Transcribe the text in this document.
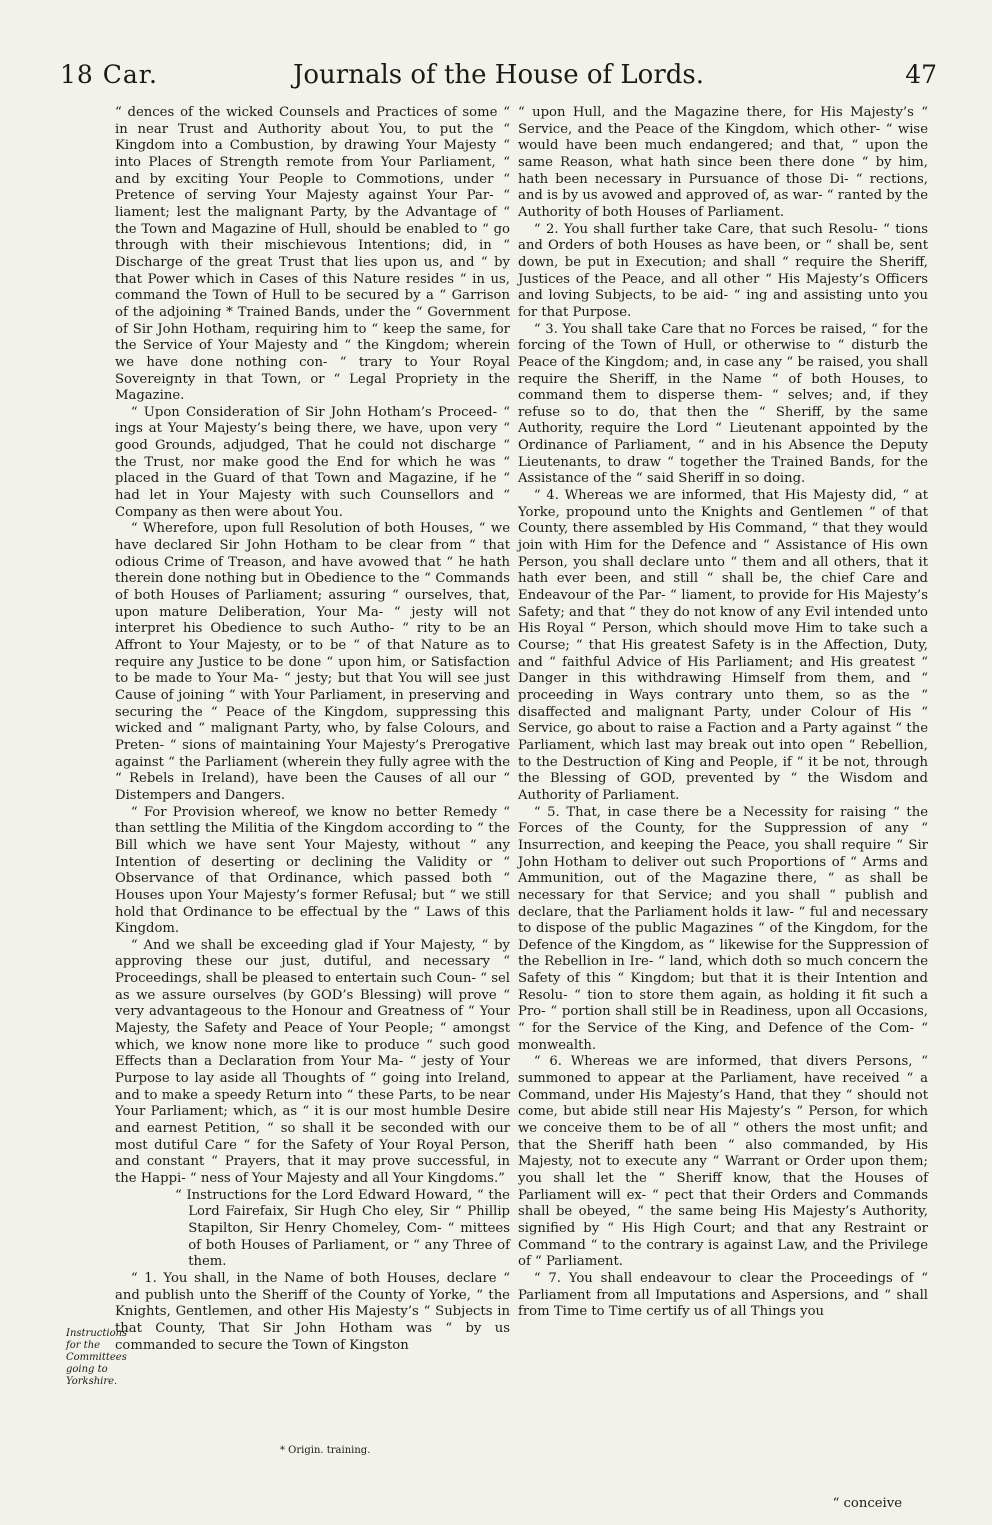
18 Car.	Journals of the House of Lords.	47

“ dences of the wicked Counsels and Practices of some “ in near Trust and Authority about You, to put the “ Kingdom into a Combustion, by drawing Your Majesty “ into Places of Strength remote from Your Parliament, “ and by exciting Your People to Commotions, under “ Pretence of serving Your Majesty against Your Par- “ liament; lest the malignant Party, by the Advantage of “ the Town and Magazine of Hull, should be enabled to “ go through with their mischievous Intentions; did, in “ Discharge of the great Trust that lies upon us, and “ by that Power which in Cases of this Nature resides “ in us, command the Town of Hull to be secured by a “ Garrison of the adjoining * Trained Bands, under the “ Government of Sir John Hotham, requiring him to “ keep the same, for the Service of Your Majesty and “ the Kingdom; wherein we have done nothing con- “ trary to Your Royal Sovereignty in that Town, or “ Legal Propriety in the Magazine.

“ Upon Consideration of Sir John Hotham’s Proceed- “ ings at Your Majesty’s being there, we have, upon very “ good Grounds, adjudged, That he could not discharge “ the Trust, nor make good the End for which he was “ placed in the Guard of that Town and Magazine, if he “ had let in Your Majesty with such Counsellors and “ Company as then were about You.

“ Wherefore, upon full Resolution of both Houses, “ we have declared Sir John Hotham to be clear from “ that odious Crime of Treason, and have avowed that “ he hath therein done nothing but in Obedience to the “ Commands of both Houses of Parliament; assuring “ ourselves, that, upon mature Deliberation, Your Ma- “ jesty will not interpret his Obedience to such Autho- “ rity to be an Affront to Your Majesty, or to be “ of that Nature as to require any Justice to be done “ upon him, or Satisfaction to be made to Your Ma- “ jesty; but that You will see just Cause of joining “ with Your Parliament, in preserving and securing the “ Peace of the Kingdom, suppressing this wicked and “ malignant Party, who, by false Colours, and Preten- “ sions of maintaining Your Majesty’s Prerogative against “ the Parliament (wherein they fully agree with the “ Rebels in Ireland), have been the Causes of all our “ Distempers and Dangers.

“ For Provision whereof, we know no better Remedy “ than settling the Militia of the Kingdom according to “ the Bill which we have sent Your Majesty, without “ any Intention of deserting or declining the Validity or “ Observance of that Ordinance, which passed both “ Houses upon Your Majesty’s former Refusal; but “ we still hold that Ordinance to be effectual by the “ Laws of this Kingdom.

“ And we shall be exceeding glad if Your Majesty, “ by approving these our just, dutiful, and necessary “ Proceedings, shall be pleased to entertain such Coun- “ sel as we assure ourselves (by GOD’s Blessing) will prove “ very advantageous to the Honour and Greatness of “ Your Majesty, the Safety and Peace of Your People; “ amongst which, we know none more like to produce “ such good Effects than a Declaration from Your Ma- “ jesty of Your Purpose to lay aside all Thoughts of “ going into Ireland, and to make a speedy Return into “ these Parts, to be near Your Parliament; which, as “ it is our most humble Desire and earnest Petition, “ so shall it be seconded with our most dutiful Care “ for the Safety of Your Royal Person, and constant “ Prayers, that it may prove successful, in the Happi- “ ness of Your Majesty and all Your Kingdoms.”

“ Instructions for the Lord Edward Howard, “ the Lord Fairefaix, Sir Hugh Cho eley, Sir “ Phillip Stapilton, Sir Henry Chomeley, Com- “ mittees of both Houses of Parliament, or “ any Three of them.

“ 1. You shall, in the Name of both Houses, declare “ and publish unto the Sheriff of the County of Yorke, “ the Knights, Gentlemen, and other His Majesty’s “ Subjects in that County, That Sir John Hotham was “ by us commanded to secure the Town of Kingston

Instructions for the Committees going to Yorkshire.
* Origin. training.

“ upon Hull, and the Magazine there, for His Majesty’s “ Service, and the Peace of the Kingdom, which other- “ wise would have been much endangered; and that, “ upon the same Reason, what hath since been there done “ by him, hath been necessary in Pursuance of those Di- “ rections, and is by us avowed and approved of, as war- “ ranted by the Authority of both Houses of Parliament.

“ 2. You shall further take Care, that such Resolu- “ tions and Orders of both Houses as have been, or “ shall be, sent down, be put in Execution; and shall “ require the Sheriff, Justices of the Peace, and all other “ His Majesty’s Officers and loving Subjects, to be aid- “ ing and assisting unto you for that Purpose.

“ 3. You shall take Care that no Forces be raised, “ for the forcing of the Town of Hull, or otherwise to “ disturb the Peace of the Kingdom; and, in case any “ be raised, you shall require the Sheriff, in the Name “ of both Houses, to command them to disperse them- “ selves; and, if they refuse so to do, that then the “ Sheriff, by the same Authority, require the Lord “ Lieutenant appointed by the Ordinance of Parliament, “ and in his Absence the Deputy Lieutenants, to draw “ together the Trained Bands, for the Assistance of the “ said Sheriff in so doing.

“ 4. Whereas we are informed, that His Majesty did, “ at Yorke, propound unto the Knights and Gentlemen “ of that County, there assembled by His Command, “ that they would join with Him for the Defence and “ Assistance of His own Person, you shall declare unto “ them and all others, that it hath ever been, and still “ shall be, the chief Care and Endeavour of the Par- “ liament, to provide for His Majesty’s Safety; and that “ they do not know of any Evil intended unto His Royal “ Person, which should move Him to take such a Course; “ that His greatest Safety is in the Affection, Duty, and “ faithful Advice of His Parliament; and His greatest “ Danger in this withdrawing Himself from them, and “ proceeding in Ways contrary unto them, so as the “ disaffected and malignant Party, under Colour of His “ Service, go about to raise a Faction and a Party against “ the Parliament, which last may break out into open “ Rebellion, to the Destruction of King and People, if “ it be not, through the Blessing of GOD, prevented by “ the Wisdom and Authority of Parliament.

“ 5. That, in case there be a Necessity for raising “ the Forces of the County, for the Suppression of any “ Insurrection, and keeping the Peace, you shall require “ Sir John Hotham to deliver out such Proportions of “ Arms and Ammunition, out of the Magazine there, “ as shall be necessary for that Service; and you shall “ publish and declare, that the Parliament holds it law- “ ful and necessary to dispose of the public Magazines “ of the Kingdom, for the Defence of the Kingdom, as “ likewise for the Suppression of the Rebellion in Ire- “ land, which doth so much concern the Safety of this “ Kingdom; but that it is their Intention and Resolu- “ tion to store them again, as holding it fit such a Pro- “ portion shall still be in Readiness, upon all Occasions, “ for the Service of the King, and Defence of the Com- “ monwealth.

“ 6. Whereas we are informed, that divers Persons, “ summoned to appear at the Parliament, have received “ a Command, under His Majesty’s Hand, that they “ should not come, but abide still near His Majesty’s “ Person, for which we conceive them to be of all “ others the most unfit; and that the Sheriff hath been “ also commanded, by His Majesty, not to execute any “ Warrant or Order upon them; you shall let the “ Sheriff know, that the Houses of Parliament will ex- “ pect that their Orders and Commands shall be obeyed, “ the same being His Majesty’s Authority, signified by “ His High Court; and that any Restraint or Command “ to the contrary is against Law, and the Privilege of “ Parliament.

“ 7. You shall endeavour to clear the Proceedings of “ Parliament from all Imputations and Aspersions, and “ shall from Time to Time certify us of all Things you

“ conceive
